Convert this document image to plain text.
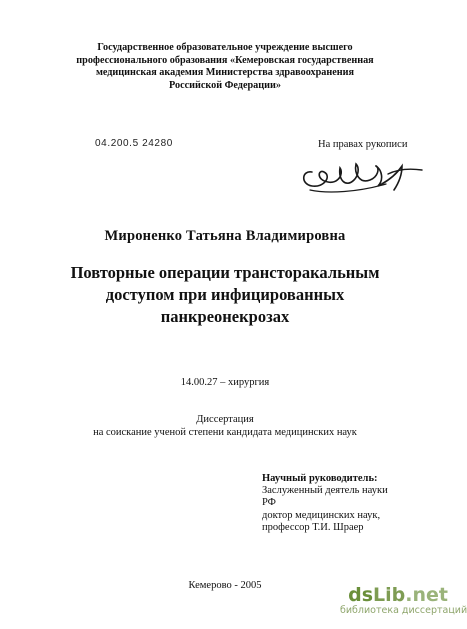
Государственное образовательное учреждение высшего
профессионального образования «Кемеровская государственная
медицинская академия Министерства здравоохранения
Российской Федерации»
04.200.5 24280	На правах рукописи
Мироненко Татьяна Владимировна
Повторные операции трансторакальным
доступом при инфицированных
панкреонекрозах
14.00.27 – хирургия
Диссертация
на соискание ученой степени кандидата медицинских наук
Научный руководитель:
Заслуженный деятель науки
РФ
доктор медицинских наук,
профессор Т.И. Шраер
Кемерово - 2005	dsLib.net
библиотека диссертаций
